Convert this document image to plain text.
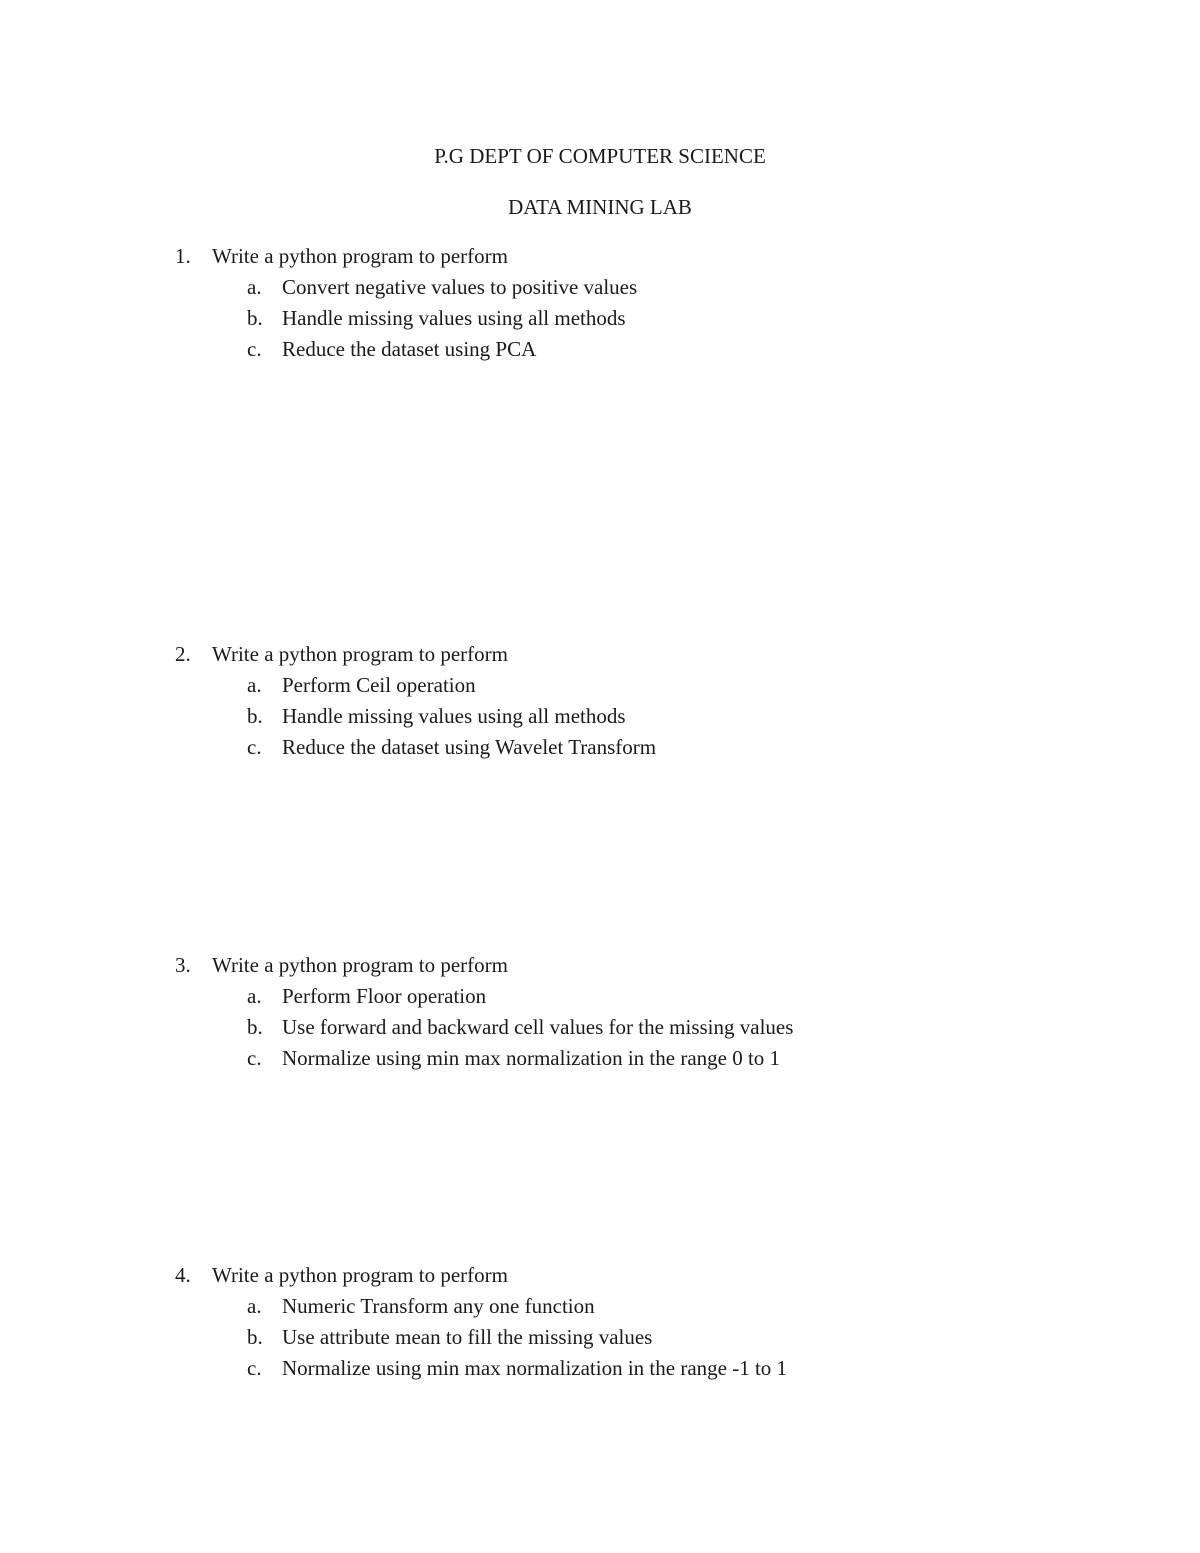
P.G DEPT OF COMPUTER SCIENCE
DATA MINING LAB
1. Write a python program to perform
a. Convert negative values to positive values
b. Handle missing values using all methods
c. Reduce the dataset using PCA
2. Write a python program to perform
a. Perform Ceil operation
b. Handle missing values using all methods
c. Reduce the dataset using Wavelet Transform
3. Write a python program to perform
a. Perform Floor operation
b. Use forward and backward cell values for the missing values
c. Normalize using min max normalization in the range 0 to 1
4. Write a python program to perform
a. Numeric Transform any one function
b. Use attribute mean to fill the missing values
c. Normalize using min max normalization in the range -1 to 1
